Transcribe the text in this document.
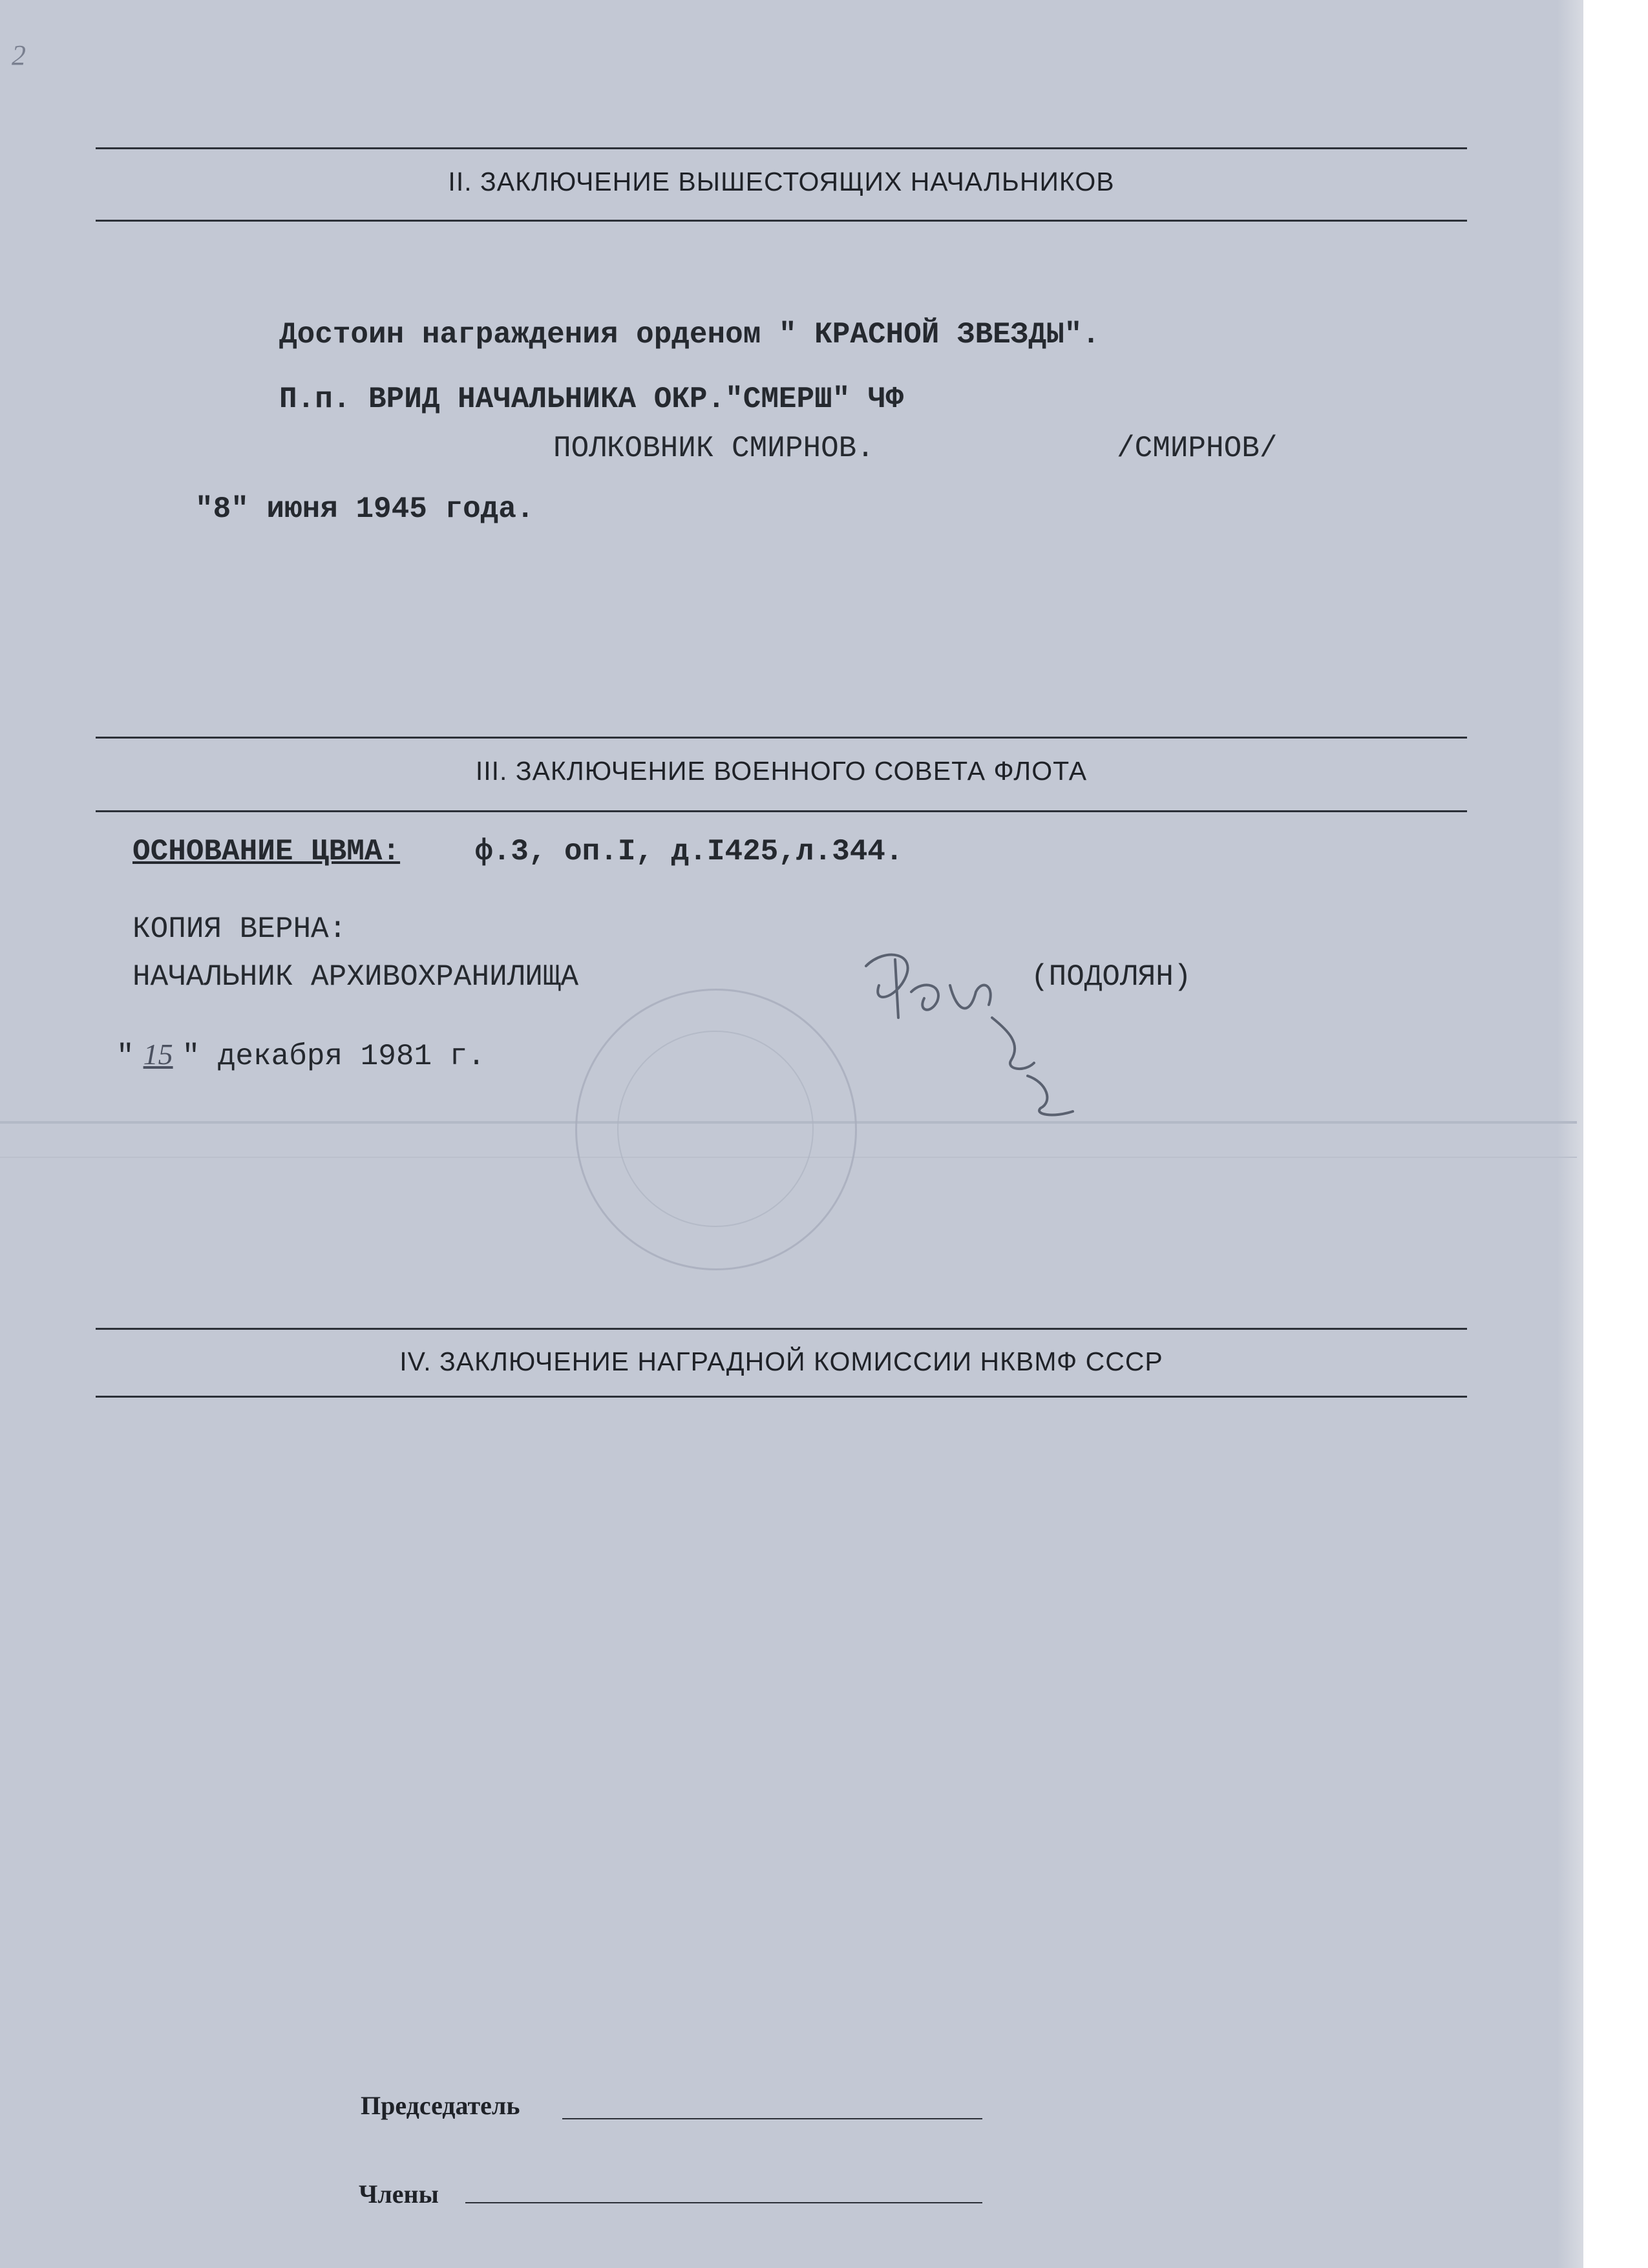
2
II. ЗАКЛЮЧЕНИЕ ВЫШЕСТОЯЩИХ НАЧАЛЬНИКОВ
Достоин награждения орденом " КРАСНОЙ ЗВЕЗДЫ".
П.п. ВРИД НАЧАЛЬНИКА ОКР."СМЕРШ" ЧФ
ПОЛКОВНИК СМИРНОВ.	/СМИРНОВ/
"8" июня 1945 года.
III. ЗАКЛЮЧЕНИЕ ВОЕННОГО СОВЕТА ФЛОТА
ОСНОВАНИЕ ЦВМА:	ф.3, оп.I, д.I425,л.344.
КОПИЯ ВЕРНА:
НАЧАЛЬНИК АРХИВОХРАНИЛИЩА	(ПОДОЛЯН)
" 15 " декабря 1981 г.
IV. ЗАКЛЮЧЕНИЕ НАГРАДНОЙ КОМИССИИ НКВМФ СССР
Председатель
Члены
